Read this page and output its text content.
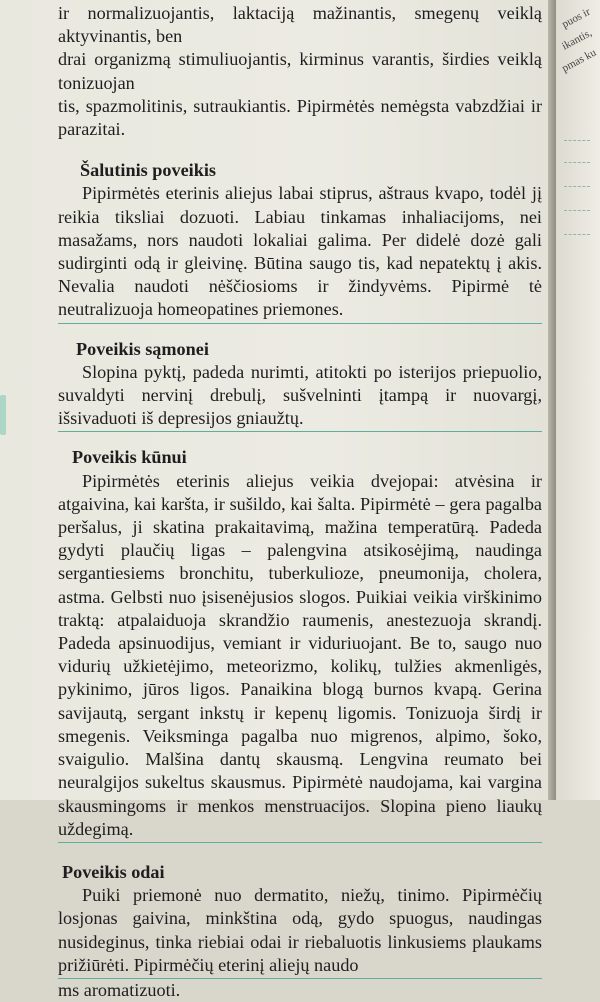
ir normalizuojantis, laktaciją mažinantis, smegenų veiklą aktyvinantis, ben

drai organizmą stimuliuojantis, kirminus varantis, širdies veiklą tonizuojan

tis, spazmolitinis, sutraukiantis. Pipirmėtės nemėgsta vabzdžiai ir parazitai.

Šalutinis poveikis

Pipirmėtės eterinis aliejus labai stiprus, aštraus kvapo, todėl jį reikia tiksliai dozuoti. Labiau tinkamas inhaliacijoms, nei masažams, nors naudoti lokaliai galima. Per didelė dozė gali sudirginti odą ir gleivinę. Būtina saugo tis, kad nepatektų į akis. Nevalia naudoti nėščiosioms ir žindyvėms. Pipirmė tė neutralizuoja homeopatines priemones.

Poveikis sąmonei

Slopina pyktį, padeda nurimti, atitokti po isterijos priepuolio, suvaldyti nervinį drebulį, sušvelninti įtampą ir nuovargį, išsivaduoti iš depresijos gniaužtų.

Poveikis kūnui

Pipirmėtės eterinis aliejus veikia dvejopai: atvėsina ir atgaivina, kai karšta, ir sušildo, kai šalta. Pipirmėtė – gera pagalba peršalus, ji skatina prakaitavimą, mažina temperatūrą. Padeda gydyti plaučių ligas – palengvina atsikosėjimą, naudinga sergantiesiems bronchitu, tuberkulioze, pneumonija, cholera, astma. Gelbsti nuo įsisenėjusios slogos. Puikiai veikia virškinimo traktą: atpalaiduoja skrandžio raumenis, anestezuoja skrandį. Padeda apsinuodijus, vemiant ir viduriuojant. Be to, saugo nuo vidurių užkietėjimo, meteorizmo, kolikų, tulžies akmenligės, pykinimo, jūros ligos. Panaikina blogą burnos kvapą. Gerina savijautą, sergant inkstų ir kepenų ligomis. Tonizuoja širdį ir smegenis. Veiksminga pagalba nuo migrenos, alpimo, šoko, svaigulio. Malšina dantų skausmą. Lengvina reumato bei neuralgijos sukeltus skausmus. Pipirmėtė naudojama, kai vargina skausmingoms ir menkos menstruacijos. Slopina pieno liaukų uždegimą.

Poveikis odai

Puiki priemonė nuo dermatito, niežų, tinimo. Pipirmėčių losjonas gaivina, minkština odą, gydo spuogus, naudingas nusideginus, tinka riebiai odai ir riebaluotis linkusiems plaukams prižiūrėti. Pipirmėčių eterinį aliejų naudo

ms aromatizuoti.

puos ir
ikantis,
pmas ku
